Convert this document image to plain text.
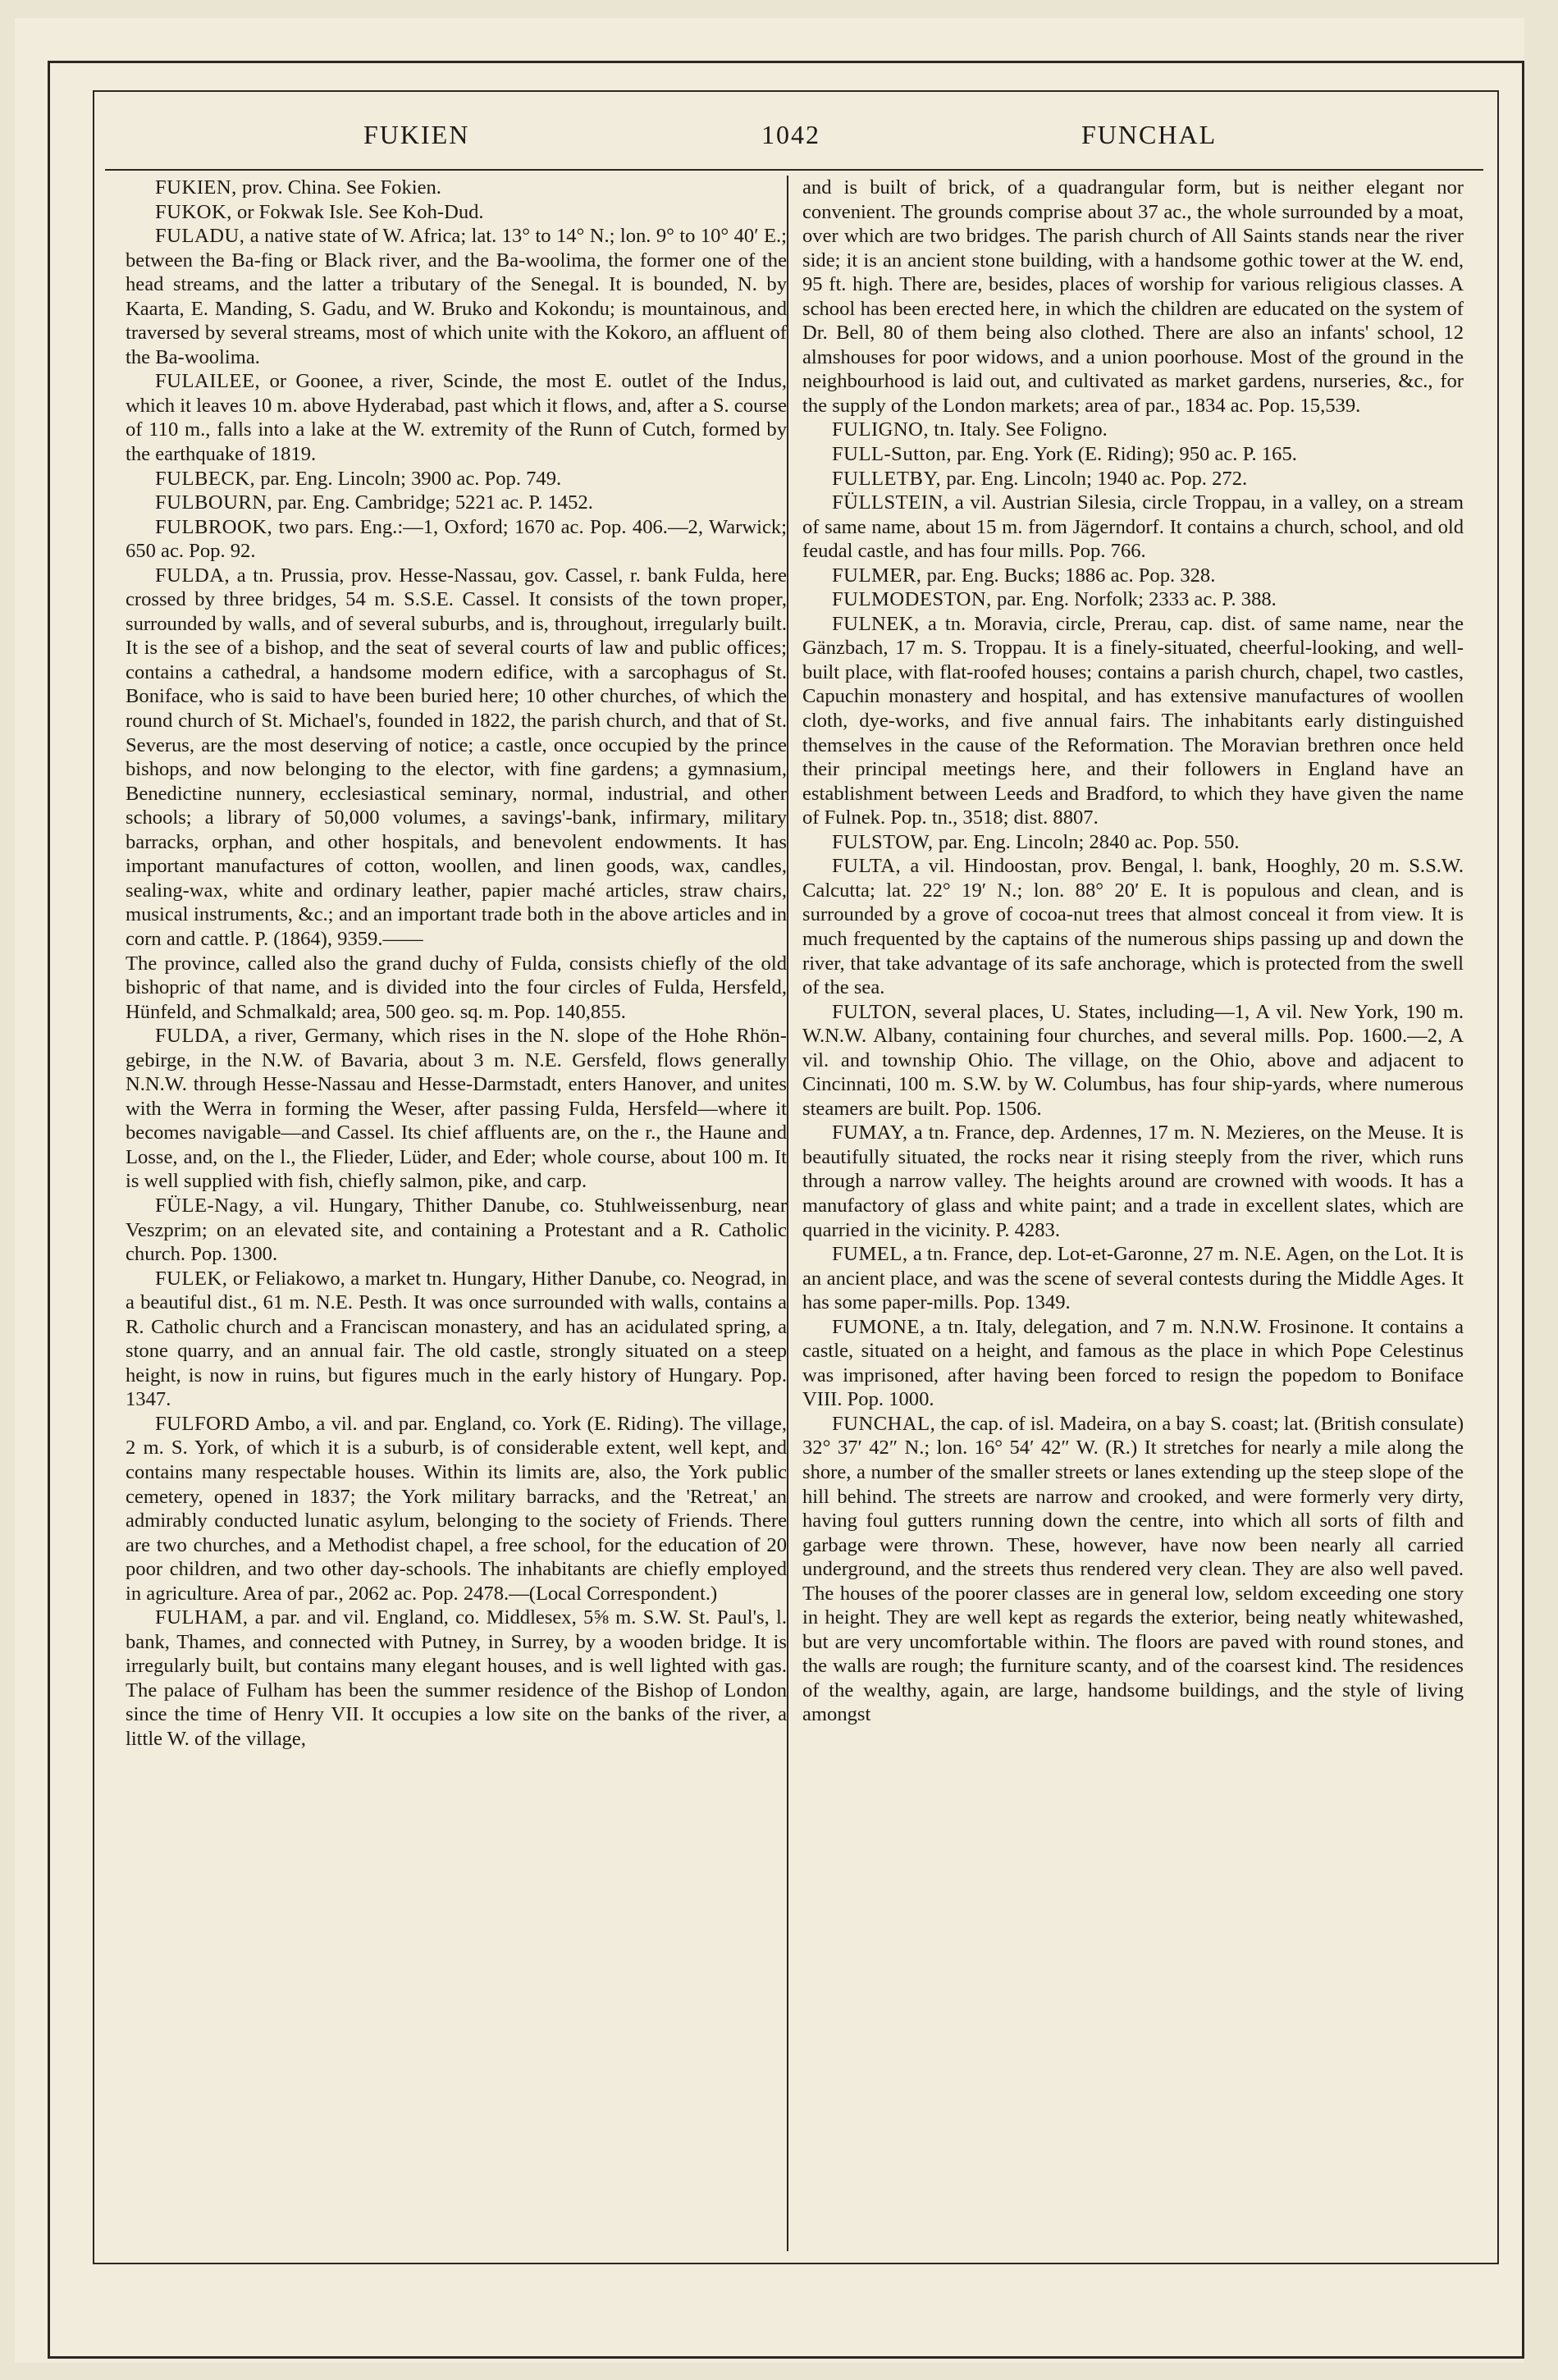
FUKIEN	1042	FUNCHAL

FUKIEN, prov. China. See Fokien.

FUKOK, or Fokwak Isle. See Koh-Dud.

FULADU, a native state of W. Africa; lat. 13° to 14° N.; lon. 9° to 10° 40′ E.; between the Ba-fing or Black river, and the Ba-woolima, the former one of the head streams, and the latter a tributary of the Senegal. It is bounded, N. by Kaarta, E. Manding, S. Gadu, and W. Bruko and Kokondu; is mountainous, and traversed by several streams, most of which unite with the Kokoro, an affluent of the Ba-woolima.

FULAILEE, or Goonee, a river, Scinde, the most E. outlet of the Indus, which it leaves 10 m. above Hyderabad, past which it flows, and, after a S. course of 110 m., falls into a lake at the W. extremity of the Runn of Cutch, formed by the earthquake of 1819.

FULBECK, par. Eng. Lincoln; 3900 ac. Pop. 749.

FULBOURN, par. Eng. Cambridge; 5221 ac. P. 1452.

FULBROOK, two pars. Eng.:—1, Oxford; 1670 ac. Pop. 406.—2, Warwick; 650 ac. Pop. 92.

FULDA, a tn. Prussia, prov. Hesse-Nassau, gov. Cassel, r. bank Fulda, here crossed by three bridges, 54 m. S.S.E. Cassel. It consists of the town proper, surrounded by walls, and of several suburbs, and is, throughout, irregularly built. It is the see of a bishop, and the seat of several courts of law and public offices; contains a cathedral, a handsome modern edifice, with a sarcophagus of St. Boniface, who is said to have been buried here; 10 other churches, of which the round church of St. Michael's, founded in 1822, the parish church, and that of St. Severus, are the most deserving of notice; a castle, once occupied by the prince bishops, and now belonging to the elector, with fine gardens; a gymnasium, Benedictine nunnery, ecclesiastical seminary, normal, industrial, and other schools; a library of 50,000 volumes, a savings'-bank, infirmary, military barracks, orphan, and other hospitals, and benevolent endowments. It has important manufactures of cotton, woollen, and linen goods, wax, candles, sealing-wax, white and ordinary leather, papier maché articles, straw chairs, musical instruments, &c.; and an important trade both in the above articles and in corn and cattle. P. (1864), 9359.——

The province, called also the grand duchy of Fulda, consists chiefly of the old bishopric of that name, and is divided into the four circles of Fulda, Hersfeld, Hünfeld, and Schmalkald; area, 500 geo. sq. m. Pop. 140,855.

FULDA, a river, Germany, which rises in the N. slope of the Hohe Rhön-gebirge, in the N.W. of Bavaria, about 3 m. N.E. Gersfeld, flows generally N.N.W. through Hesse-Nassau and Hesse-Darmstadt, enters Hanover, and unites with the Werra in forming the Weser, after passing Fulda, Hersfeld—where it becomes navigable—and Cassel. Its chief affluents are, on the r., the Haune and Losse, and, on the l., the Flieder, Lüder, and Eder; whole course, about 100 m. It is well supplied with fish, chiefly salmon, pike, and carp.

FÜLE-Nagy, a vil. Hungary, Thither Danube, co. Stuhlweissenburg, near Veszprim; on an elevated site, and containing a Protestant and a R. Catholic church. Pop. 1300.

FULEK, or Feliakowo, a market tn. Hungary, Hither Danube, co. Neograd, in a beautiful dist., 61 m. N.E. Pesth. It was once surrounded with walls, contains a R. Catholic church and a Franciscan monastery, and has an acidulated spring, a stone quarry, and an annual fair. The old castle, strongly situated on a steep height, is now in ruins, but figures much in the early history of Hungary. Pop. 1347.

FULFORD Ambo, a vil. and par. England, co. York (E. Riding). The village, 2 m. S. York, of which it is a suburb, is of considerable extent, well kept, and contains many respectable houses. Within its limits are, also, the York public cemetery, opened in 1837; the York military barracks, and the 'Retreat,' an admirably conducted lunatic asylum, belonging to the society of Friends. There are two churches, and a Methodist chapel, a free school, for the education of 20 poor children, and two other day-schools. The inhabitants are chiefly employed in agriculture. Area of par., 2062 ac. Pop. 2478.—(Local Correspondent.)

FULHAM, a par. and vil. England, co. Middlesex, 5⅝ m. S.W. St. Paul's, l. bank, Thames, and connected with Putney, in Surrey, by a wooden bridge. It is irregularly built, but contains many elegant houses, and is well lighted with gas. The palace of Fulham has been the summer residence of the Bishop of London since the time of Henry VII. It occupies a low site on the banks of the river, a little W. of the village,

and is built of brick, of a quadrangular form, but is neither elegant nor convenient. The grounds comprise about 37 ac., the whole surrounded by a moat, over which are two bridges. The parish church of All Saints stands near the river side; it is an ancient stone building, with a handsome gothic tower at the W. end, 95 ft. high. There are, besides, places of worship for various religious classes. A school has been erected here, in which the children are educated on the system of Dr. Bell, 80 of them being also clothed. There are also an infants' school, 12 almshouses for poor widows, and a union poorhouse. Most of the ground in the neighbourhood is laid out, and cultivated as market gardens, nurseries, &c., for the supply of the London markets; area of par., 1834 ac. Pop. 15,539.

FULIGNO, tn. Italy. See Foligno.

FULL-Sutton, par. Eng. York (E. Riding); 950 ac. P. 165.

FULLETBY, par. Eng. Lincoln; 1940 ac. Pop. 272.

FÜLLSTEIN, a vil. Austrian Silesia, circle Troppau, in a valley, on a stream of same name, about 15 m. from Jägerndorf. It contains a church, school, and old feudal castle, and has four mills. Pop. 766.

FULMER, par. Eng. Bucks; 1886 ac. Pop. 328.

FULMODESTON, par. Eng. Norfolk; 2333 ac. P. 388.

FULNEK, a tn. Moravia, circle, Prerau, cap. dist. of same name, near the Gänzbach, 17 m. S. Troppau. It is a finely-situated, cheerful-looking, and well-built place, with flat-roofed houses; contains a parish church, chapel, two castles, Capuchin monastery and hospital, and has extensive manufactures of woollen cloth, dye-works, and five annual fairs. The inhabitants early distinguished themselves in the cause of the Reformation. The Moravian brethren once held their principal meetings here, and their followers in England have an establishment between Leeds and Bradford, to which they have given the name of Fulnek. Pop. tn., 3518; dist. 8807.

FULSTOW, par. Eng. Lincoln; 2840 ac. Pop. 550.

FULTA, a vil. Hindoostan, prov. Bengal, l. bank, Hooghly, 20 m. S.S.W. Calcutta; lat. 22° 19′ N.; lon. 88° 20′ E. It is populous and clean, and is surrounded by a grove of cocoa-nut trees that almost conceal it from view. It is much frequented by the captains of the numerous ships passing up and down the river, that take advantage of its safe anchorage, which is protected from the swell of the sea.

FULTON, several places, U. States, including—1, A vil. New York, 190 m. W.N.W. Albany, containing four churches, and several mills. Pop. 1600.—2, A vil. and township Ohio. The village, on the Ohio, above and adjacent to Cincinnati, 100 m. S.W. by W. Columbus, has four ship-yards, where numerous steamers are built. Pop. 1506.

FUMAY, a tn. France, dep. Ardennes, 17 m. N. Mezieres, on the Meuse. It is beautifully situated, the rocks near it rising steeply from the river, which runs through a narrow valley. The heights around are crowned with woods. It has a manufactory of glass and white paint; and a trade in excellent slates, which are quarried in the vicinity. P. 4283.

FUMEL, a tn. France, dep. Lot-et-Garonne, 27 m. N.E. Agen, on the Lot. It is an ancient place, and was the scene of several contests during the Middle Ages. It has some paper-mills. Pop. 1349.

FUMONE, a tn. Italy, delegation, and 7 m. N.N.W. Frosinone. It contains a castle, situated on a height, and famous as the place in which Pope Celestinus was imprisoned, after having been forced to resign the popedom to Boniface VIII. Pop. 1000.

FUNCHAL, the cap. of isl. Madeira, on a bay S. coast; lat. (British consulate) 32° 37′ 42″ N.; lon. 16° 54′ 42″ W. (R.) It stretches for nearly a mile along the shore, a number of the smaller streets or lanes extending up the steep slope of the hill behind. The streets are narrow and crooked, and were formerly very dirty, having foul gutters running down the centre, into which all sorts of filth and garbage were thrown. These, however, have now been nearly all carried underground, and the streets thus rendered very clean. They are also well paved. The houses of the poorer classes are in general low, seldom exceeding one story in height. They are well kept as regards the exterior, being neatly whitewashed, but are very uncomfortable within. The floors are paved with round stones, and the walls are rough; the furniture scanty, and of the coarsest kind. The residences of the wealthy, again, are large, handsome buildings, and the style of living amongst
